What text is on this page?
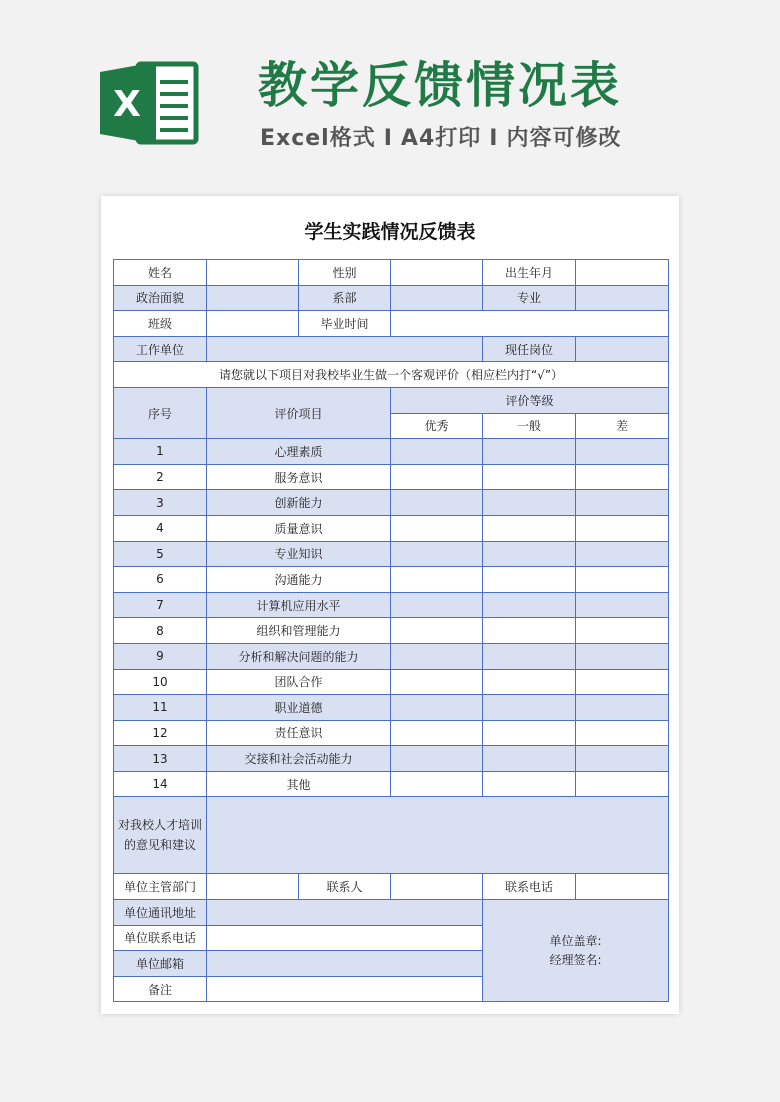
X 教学反馈情况表
Excel格式 I A4打印 I 内容可修改
学生实践情况反馈表
姓名		性别		出生年月	
政治面貌		系部		专业	
班级		毕业时间			
工作单位				现任岗位	
请您就以下项目对我校毕业生做一个客观评价（相应栏内打“√”）					
序号	评价项目		评价等级		
			优秀	一般	差
1	心理素质				
2	服务意识				
3	创新能力				
4	质量意识				
5	专业知识				
6	沟通能力				
7	计算机应用水平				
8	组织和管理能力				
9	分析和解决问题的能力				
10	团队合作				
11	职业道德				
12	责任意识				
13	交接和社会活动能力				
14	其他				
对我校人才培训的意见和建议					
单位主管部门		联系人		联系电话	
单位通讯地址				单位盖章:
经理签名:	

单位联系电话					
单位邮箱					
备注					
